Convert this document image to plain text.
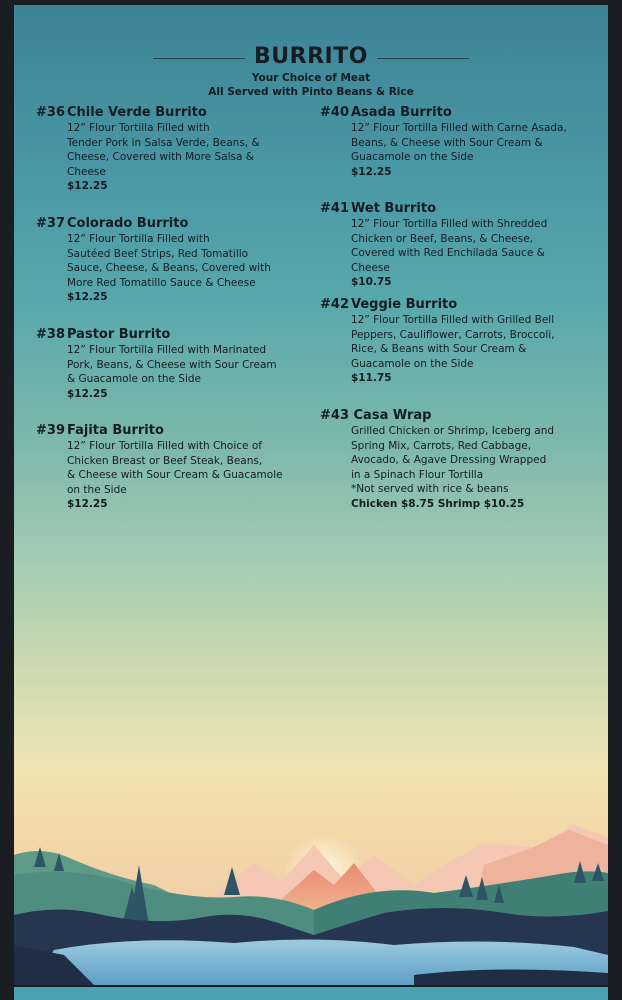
BURRITO
Your Choice of Meat
All Served with Pinto Beans & Rice
#36 Chile Verde Burrito
12” Flour Tortilla Filled with
Tender Pork in Salsa Verde, Beans, &
Cheese, Covered with More Salsa &
Cheese
$12.25
#37 Colorado Burrito
12” Flour Tortilla Filled with
Sautéed Beef Strips, Red Tomatillo
Sauce, Cheese, & Beans, Covered with
More Red Tomatillo Sauce & Cheese
$12.25
#38 Pastor Burrito
12” Flour Tortilla Filled with Marinated
Pork, Beans, & Cheese with Sour Cream
& Guacamole on the Side
$12.25
#39 Fajita Burrito
12” Flour Tortilla Filled with Choice of
Chicken Breast or Beef Steak, Beans,
& Cheese with Sour Cream & Guacamole
on the Side
$12.25
#40 Asada Burrito
12” Flour Tortilla Filled with Carne Asada,
Beans, & Cheese with Sour Cream &
Guacamole on the Side
$12.25
#41 Wet Burrito
12” Flour Tortilla Filled with Shredded
Chicken or Beef, Beans, & Cheese,
Covered with Red Enchilada Sauce &
Cheese
$10.75
#42 Veggie Burrito
12” Flour Tortilla Filled with Grilled Bell
Peppers, Cauliflower, Carrots, Broccoli,
Rice, & Beans with Sour Cream &
Guacamole on the Side
$11.75
#43 Casa Wrap
Grilled Chicken or Shrimp, Iceberg and
Spring Mix, Carrots, Red Cabbage,
Avocado, & Agave Dressing Wrapped
in a Spinach Flour Tortilla
*Not served with rice & beans
Chicken $8.75 Shrimp $10.25
